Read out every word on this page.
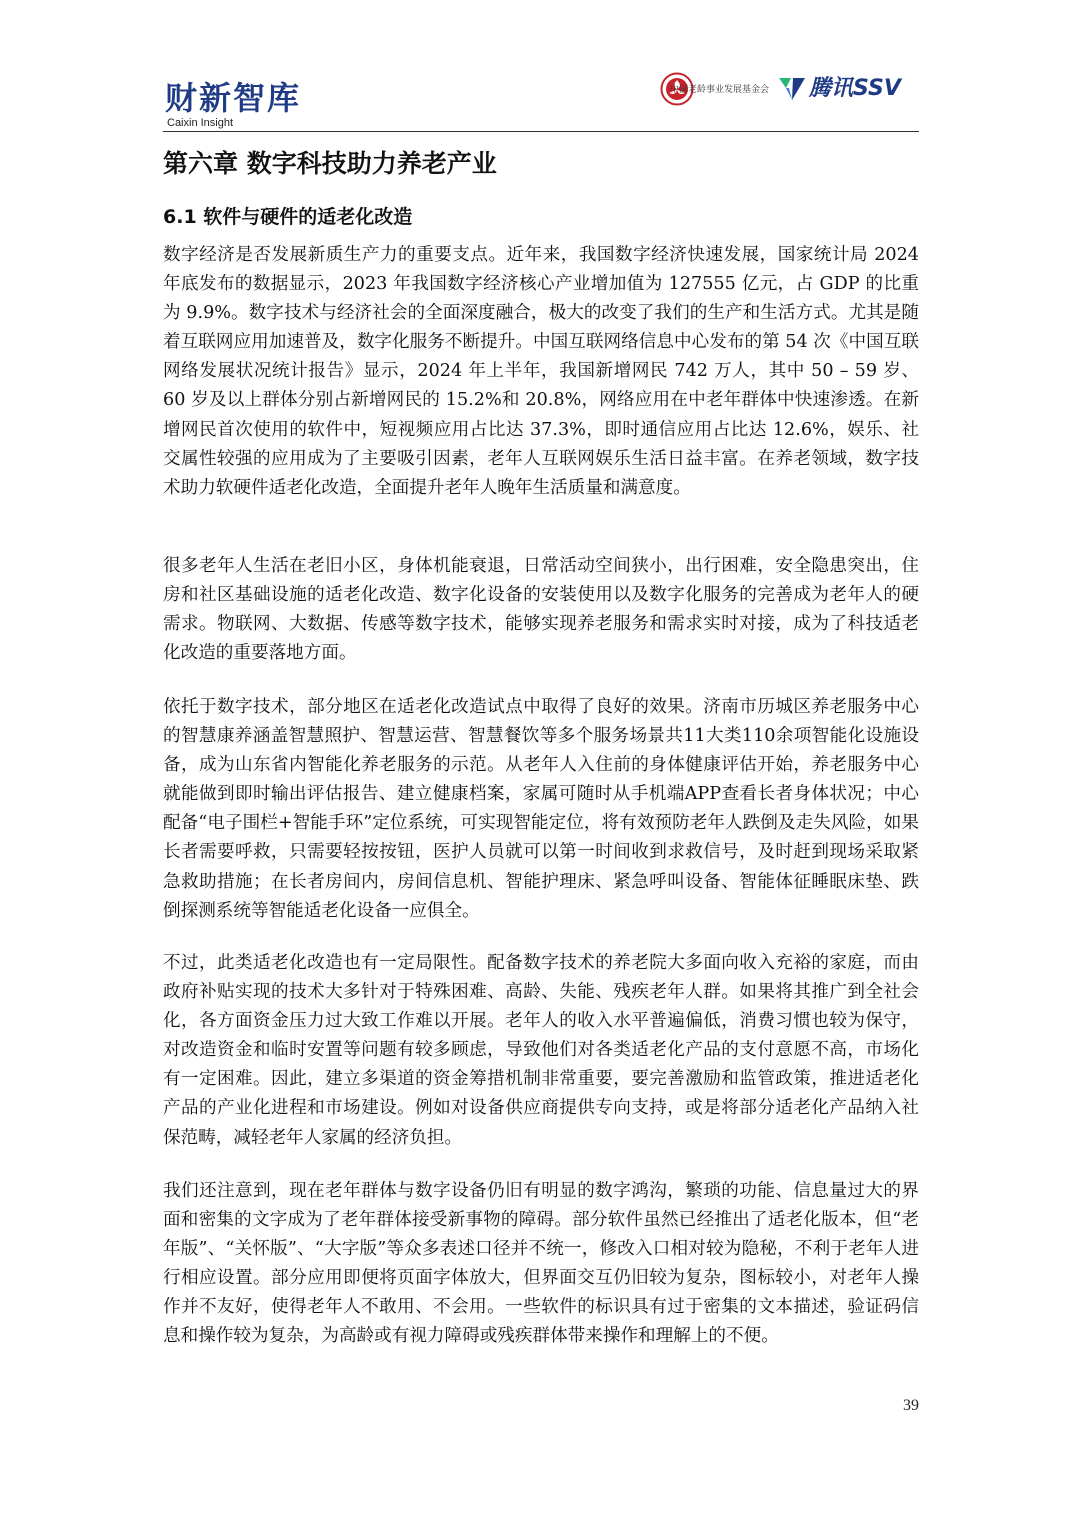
财新智库
Caixin Insight
中国老龄事业发展基金会 腾讯SSV
第六章 数字科技助力养老产业
6.1 软件与硬件的适老化改造

数字经济是否发展新质生产力的重要支点。近年来，我国数字经济快速发展，国家统计局 2024 年底发布的数据显示，2023 年我国数字经济核心产业增加值为 127555 亿元，占 GDP 的比重为 9.9%。数字技术与经济社会的全面深度融合，极大的改变了我们的生产和生活方式。尤其是随着互联网应用加速普及，数字化服务不断提升。中国互联网络信息中心发布的第 54 次《中国互联网络发展状况统计报告》显示，2024 年上半年，我国新增网民 742 万人，其中 50 – 59 岁、60 岁及以上群体分别占新增网民的 15.2%和 20.8%，网络应用在中老年群体中快速渗透。在新增网民首次使用的软件中，短视频应用占比达 37.3%，即时通信应用占比达 12.6%，娱乐、社交属性较强的应用成为了主要吸引因素，老年人互联网娱乐生活日益丰富。在养老领域，数字技术助力软硬件适老化改造，全面提升老年人晚年生活质量和满意度。

很多老年人生活在老旧小区，身体机能衰退，日常活动空间狭小，出行困难，安全隐患突出，住房和社区基础设施的适老化改造、数字化设备的安装使用以及数字化服务的完善成为老年人的硬需求。物联网、大数据、传感等数字技术，能够实现养老服务和需求实时对接，成为了科技适老化改造的重要落地方面。

依托于数字技术，部分地区在适老化改造试点中取得了良好的效果。济南市历城区养老服务中心的智慧康养涵盖智慧照护、智慧运营、智慧餐饮等多个服务场景共11大类110余项智能化设施设备，成为山东省内智能化养老服务的示范。从老年人入住前的身体健康评估开始，养老服务中心就能做到即时输出评估报告、建立健康档案，家属可随时从手机端APP查看长者身体状况；中心配备“电子围栏+智能手环”定位系统，可实现智能定位，将有效预防老年人跌倒及走失风险，如果长者需要呼救，只需要轻按按钮，医护人员就可以第一时间收到求救信号，及时赶到现场采取紧急救助措施；在长者房间内，房间信息机、智能护理床、紧急呼叫设备、智能体征睡眠床垫、跌倒探测系统等智能适老化设备一应俱全。

不过，此类适老化改造也有一定局限性。配备数字技术的养老院大多面向收入充裕的家庭，而由政府补贴实现的技术大多针对于特殊困难、高龄、失能、残疾老年人群。如果将其推广到全社会化，各方面资金压力过大致工作难以开展。老年人的收入水平普遍偏低，消费习惯也较为保守，对改造资金和临时安置等问题有较多顾虑，导致他们对各类适老化产品的支付意愿不高，市场化有一定困难。因此，建立多渠道的资金筹措机制非常重要，要完善激励和监管政策，推进适老化产品的产业化进程和市场建设。例如对设备供应商提供专向支持，或是将部分适老化产品纳入社保范畴，减轻老年人家属的经济负担。

我们还注意到，现在老年群体与数字设备仍旧有明显的数字鸿沟，繁琐的功能、信息量过大的界面和密集的文字成为了老年群体接受新事物的障碍。部分软件虽然已经推出了适老化版本，但“老年版”、“关怀版”、“大字版”等众多表述口径并不统一，修改入口相对较为隐秘，不利于老年人进行相应设置。部分应用即便将页面字体放大，但界面交互仍旧较为复杂，图标较小，对老年人操作并不友好，使得老年人不敢用、不会用。一些软件的标识具有过于密集的文本描述，验证码信息和操作较为复杂，为高龄或有视力障碍或残疾群体带来操作和理解上的不便。

39
